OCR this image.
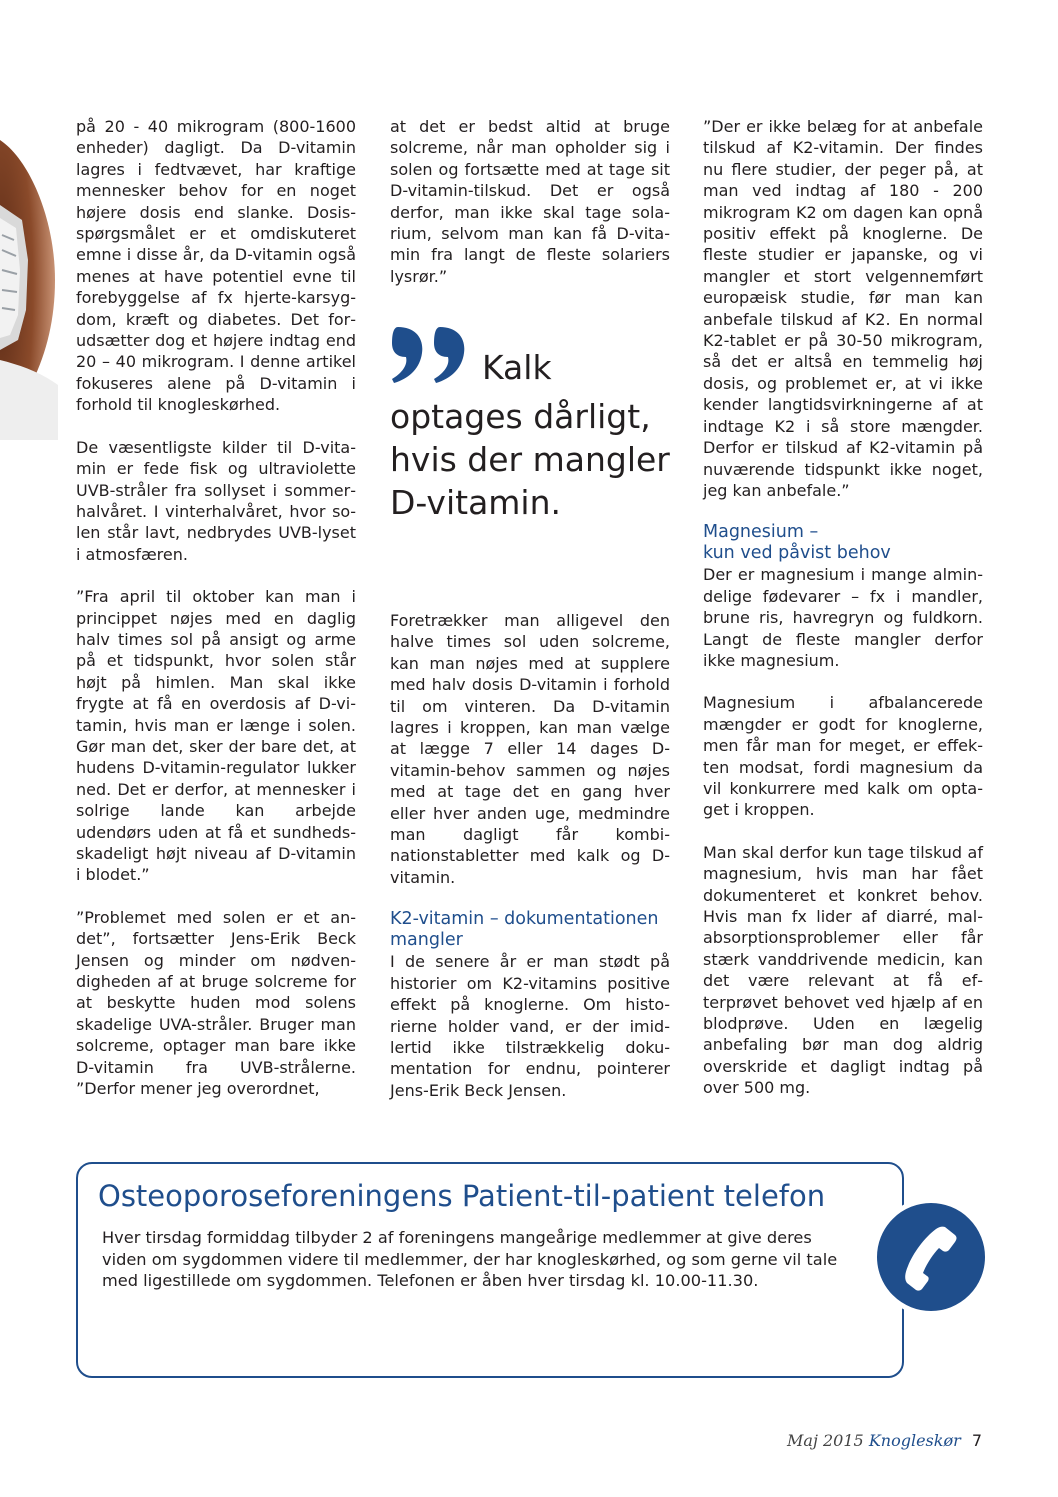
på 20 - 40 mikrogram (800-1600 enheder) dagligt. Da D-vitamin lagres i fedtvævet, har kraftige mennesker behov for en noget højere dosis end slanke. Dosisspørgsmålet er et omdiskuteret emne i disse år, da D-vitamin også menes at have potentiel evne til forebyggelse af fx hjerte-karsygdom, kræft og diabetes. Det forudsætter dog et højere indtag end 20 – 40 mikrogram. I denne artikel fokuseres alene på D-vitamin i forhold til knogleskørhed.

De væsentligste kilder til D-vitamin er fede fisk og ultraviolette UVB-stråler fra sollyset i sommerhalvåret. I vinterhalvåret, hvor solen står lavt, nedbrydes UVB-lyset i atmosfæren.

”Fra april til oktober kan man i princippet nøjes med en daglig halv times sol på ansigt og arme på et tidspunkt, hvor solen står højt på himlen. Man skal ikke frygte at få en overdosis af D-vitamin, hvis man er længe i solen. Gør man det, sker der bare det, at hudens D-vitamin-regulator lukker ned. Det er derfor, at mennesker i solrige lande kan arbejde udendørs uden at få et sundhedsskadeligt højt niveau af D-vitamin i blodet.”

”Problemet med solen er et andet”, fortsætter Jens-Erik Beck Jensen og minder om nødvendigheden af at bruge solcreme for at beskytte huden mod solens skadelige UVA-stråler. Bruger man solcreme, optager man bare ikke D-vitamin fra UVB-strålerne. ”Derfor mener jeg overordnet,

at det er bedst altid at bruge solcreme, når man opholder sig i solen og fortsætte med at tage sit D-vitamin-tilskud. Det er også derfor, man ikke skal tage solarium, selvom man kan få D-vitamin fra langt de fleste solariers lysrør.”

Kalk optages dårligt, hvis der mangler D-vitamin.

Foretrækker man alligevel den halve times sol uden solcreme, kan man nøjes med at supplere med halv dosis D-vitamin i forhold til om vinteren. Da D-vitamin lagres i kroppen, kan man vælge at lægge 7 eller 14 dages D-vitamin-behov sammen og nøjes med at tage det en gang hver eller hver anden uge, medmindre man dagligt får kombinationstabletter med kalk og D-vitamin.

K2-vitamin – dokumentationen mangler

I de senere år er man stødt på historier om K2-vitamins positive effekt på knoglerne. Om historierne holder vand, er der imidlertid ikke tilstrækkelig dokumentation for endnu, pointerer Jens-Erik Beck Jensen.

”Der er ikke belæg for at anbefale tilskud af K2-vitamin. Der findes nu flere studier, der peger på, at man ved indtag af 180 - 200 mikrogram K2 om dagen kan opnå positiv effekt på knoglerne. De fleste studier er japanske, og vi mangler et stort velgennemført europæisk studie, før man kan anbefale tilskud af K2. En normal K2-tablet er på 30-50 mikrogram, så det er altså en temmelig høj dosis, og problemet er, at vi ikke kender langtidsvirkningerne af at indtage K2 i så store mængder. Derfor er tilskud af K2-vitamin på nuværende tidspunkt ikke noget, jeg kan anbefale.”

Magnesium –
kun ved påvist behov

Der er magnesium i mange almindelige fødevarer – fx i mandler, brune ris, havregryn og fuldkorn. Langt de fleste mangler derfor ikke magnesium.

Magnesium i afbalancerede mængder er godt for knoglerne, men får man for meget, er effekten modsat, fordi magnesium da vil konkurrere med kalk om optaget i kroppen.

Man skal derfor kun tage tilskud af magnesium, hvis man har fået dokumenteret et konkret behov. Hvis man fx lider af diarré, mal-absorptionsproblemer eller får stærk vanddrivende medicin, kan det være relevant at få efterprøvet behovet ved hjælp af en blodprøve. Uden en lægelig anbefaling bør man dog aldrig overskride et dagligt indtag på over 500 mg.

Osteoporoseforeningens Patient-til-patient telefon

Hver tirsdag formiddag tilbyder 2 af foreningens mangeårige medlemmer at give deres viden om sygdommen videre til medlemmer, der har knogleskørhed, og som gerne vil tale med ligestillede om sygdommen. Telefonen er åben hver tirsdag kl. 10.00-11.30.

Maj 2015 Knogleskør 7
